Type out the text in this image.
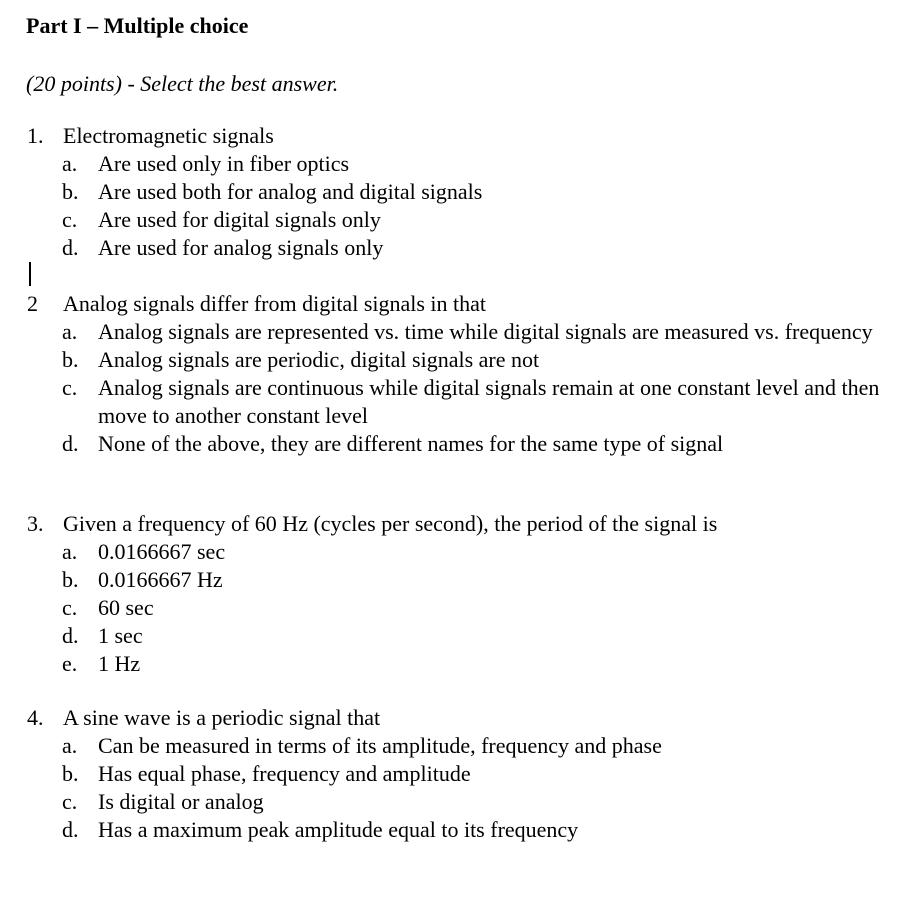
Part I – Multiple choice
(20 points) - Select the best answer.
1. Electromagnetic signals
a. Are used only in fiber optics
b. Are used both for analog and digital signals
c. Are used for digital signals only
d. Are used for analog signals only
2 Analog signals differ from digital signals in that
a. Analog signals are represented vs. time while digital signals are measured vs. frequency
b. Analog signals are periodic, digital signals are not
c. Analog signals are continuous while digital signals remain at one constant level and then move to another constant level
d. None of the above, they are different names for the same type of signal
3. Given a frequency of 60 Hz (cycles per second), the period of the signal is
a. 0.0166667 sec
b. 0.0166667 Hz
c. 60 sec
d. 1 sec
e. 1 Hz
4. A sine wave is a periodic signal that
a. Can be measured in terms of its amplitude, frequency and phase
b. Has equal phase, frequency and amplitude
c. Is digital or analog
d. Has a maximum peak amplitude equal to its frequency
